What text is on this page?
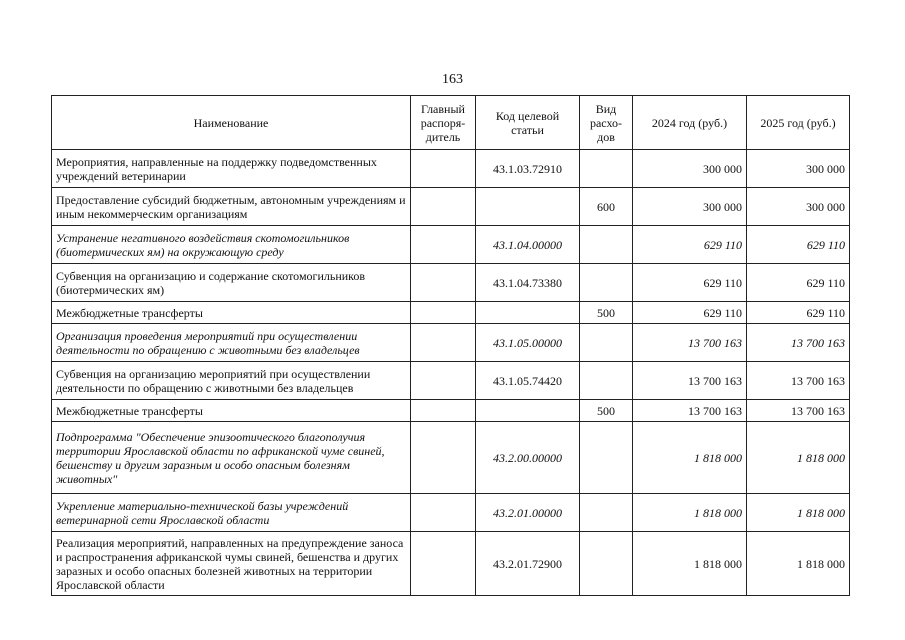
163
Наименование	Главный распоря- дитель	Код целевой статьи	Вид расхо- дов	2024 год (руб.)	2025 год (руб.)
Мероприятия, направленные на поддержку подведомственных учреждений ветеринарии		43.1.03.72910		300 000	300 000
Предоставление субсидий бюджетным, автономным учреждениям и иным некоммерческим организациям			600	300 000	300 000
Устранение негативного воздействия скотомогильников (биотермических ям) на окружающую среду		43.1.04.00000		629 110	629 110
Субвенция на организацию и содержание скотомогильников (биотермических ям)		43.1.04.73380		629 110	629 110
Межбюджетные трансферты			500	629 110	629 110
Организация проведения мероприятий при осуществлении деятельности по обращению с животными без владельцев		43.1.05.00000		13 700 163	13 700 163
Субвенция на организацию мероприятий при осуществлении деятельности по обращению с животными без владельцев		43.1.05.74420		13 700 163	13 700 163
Межбюджетные трансферты			500	13 700 163	13 700 163
Подпрограмма "Обеспечение эпизоотического благополучия территории Ярославской области по африканской чуме свиней, бешенству и другим заразным и особо опасным болезням животных"		43.2.00.00000		1 818 000	1 818 000
Укрепление материально-технической базы учреждений ветеринарной сети Ярославской области		43.2.01.00000		1 818 000	1 818 000
Реализация мероприятий, направленных на предупреждение заноса и распространения африканской чумы свиней, бешенства и других заразных и особо опасных болезней животных на территории Ярославской области		43.2.01.72900		1 818 000	1 818 000
